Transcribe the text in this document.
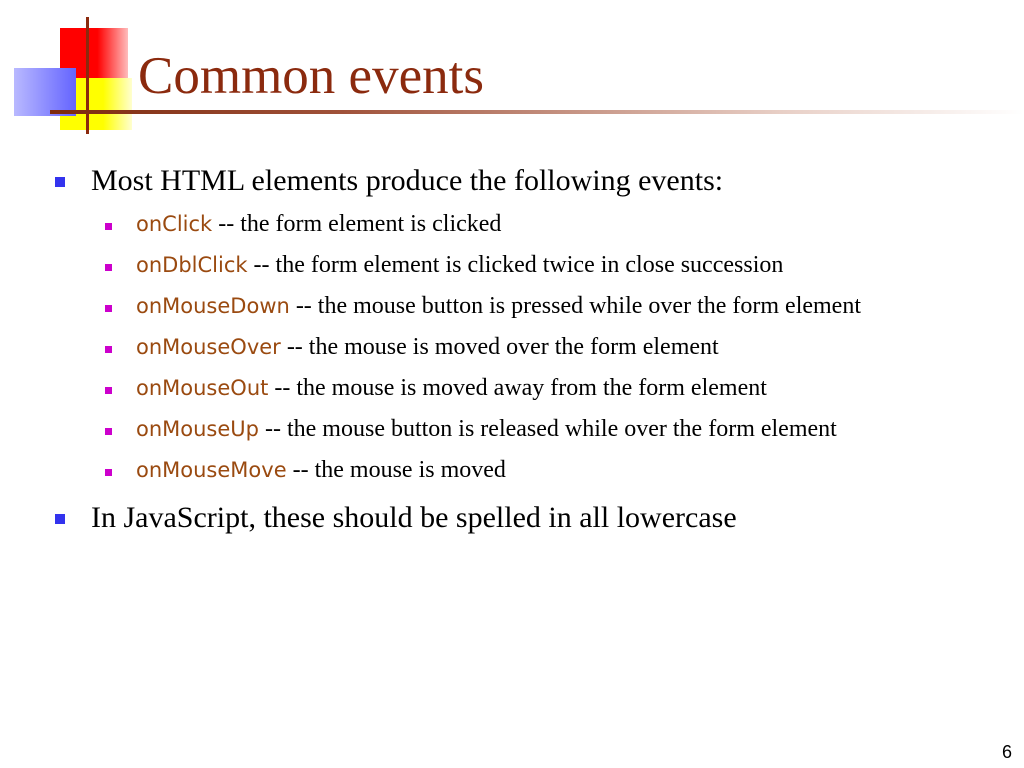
Common events
Most HTML elements produce the following events:
onClick -- the form element is clicked
onDblClick -- the form element is clicked twice in close succession
onMouseDown -- the mouse button is pressed while over the form element
onMouseOver -- the mouse is moved over the form element
onMouseOut -- the mouse is moved away from the form element
onMouseUp -- the mouse button is released while over the form element
onMouseMove -- the mouse is moved
In JavaScript, these should be spelled in all lowercase
6
